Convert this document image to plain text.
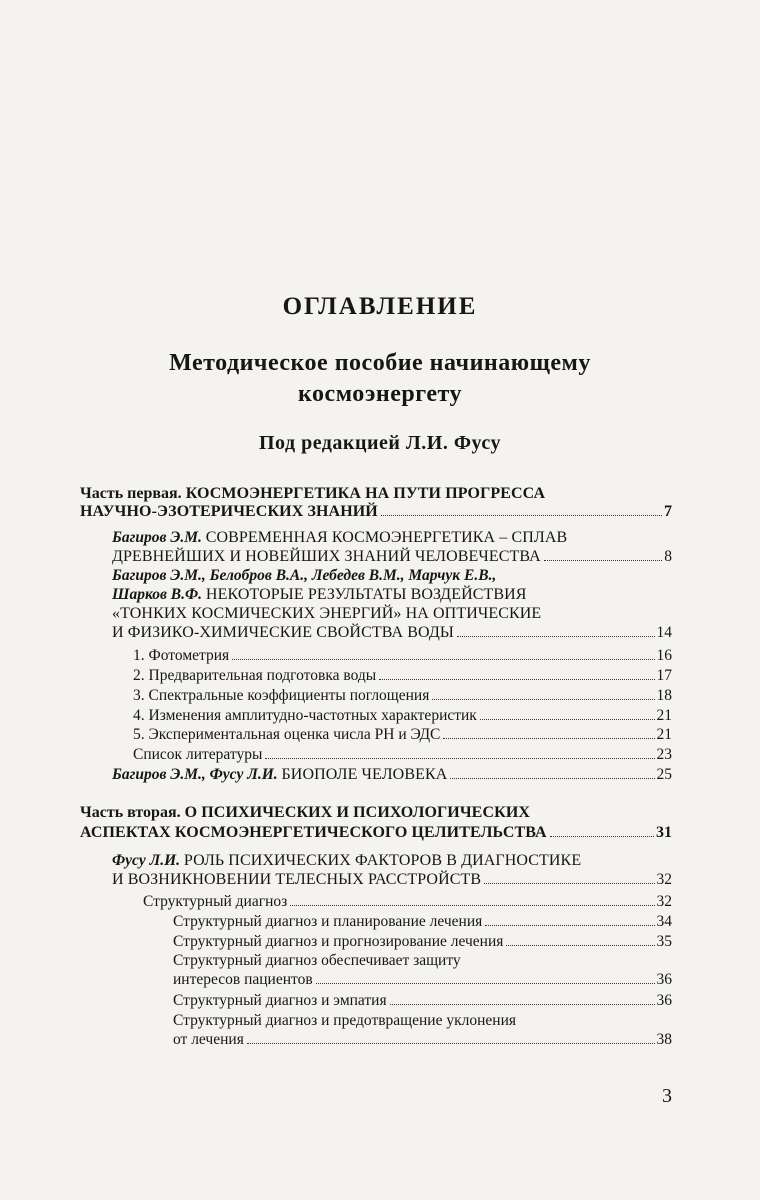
ОГЛАВЛЕНИЕ
Методическое пособие начинающему
космоэнергету
Под редакцией Л.И. Фусу
Часть первая.
КОСМОЭНЕРГЕТИКА НА ПУТИ ПРОГРЕССА
НАУЧНО-ЭЗОТЕРИЧЕСКИХ ЗНАНИЙ	7
Багиров Э.М.
СОВРЕМЕННАЯ КОСМОЭНЕРГЕТИКА – СПЛАВ
ДРЕВНЕЙШИХ И НОВЕЙШИХ ЗНАНИЙ ЧЕЛОВЕЧЕСТВА	8
Багиров Э.М., Белобров В.А., Лебедев В.М., Марчук Е.В.,
Шарков В.Ф.
НЕКОТОРЫЕ РЕЗУЛЬТАТЫ ВОЗДЕЙСТВИЯ
«ТОНКИХ КОСМИЧЕСКИХ ЭНЕРГИЙ» НА ОПТИЧЕСКИЕ
И ФИЗИКО-ХИМИЧЕСКИЕ СВОЙСТВА ВОДЫ	14
1. Фотометрия	16
2. Предварительная подготовка воды	17
3. Спектральные коэффициенты поглощения	18
4. Изменения амплитудно-частотных характеристик	21
5. Экспериментальная оценка числа РН и ЭДС	21
Список литературы	23
Багиров Э.М., Фусу Л.И.
БИОПОЛЕ ЧЕЛОВЕКА	25
Часть вторая.
О ПСИХИЧЕСКИХ И ПСИХОЛОГИЧЕСКИХ
АСПЕКТАХ КОСМОЭНЕРГЕТИЧЕСКОГО ЦЕЛИТЕЛЬСТВА	31
Фусу Л.И.
РОЛЬ ПСИХИЧЕСКИХ ФАКТОРОВ В ДИАГНОСТИКЕ
И ВОЗНИКНОВЕНИИ ТЕЛЕСНЫХ РАССТРОЙСТВ	32
Структурный диагноз	32
Структурный диагноз и планирование лечения	34
Структурный диагноз и прогнозирование лечения	35
Структурный диагноз обеспечивает защиту
интересов пациентов	36
Структурный диагноз и эмпатия	36
Структурный диагноз и предотвращение уклонения
от лечения	38
3
